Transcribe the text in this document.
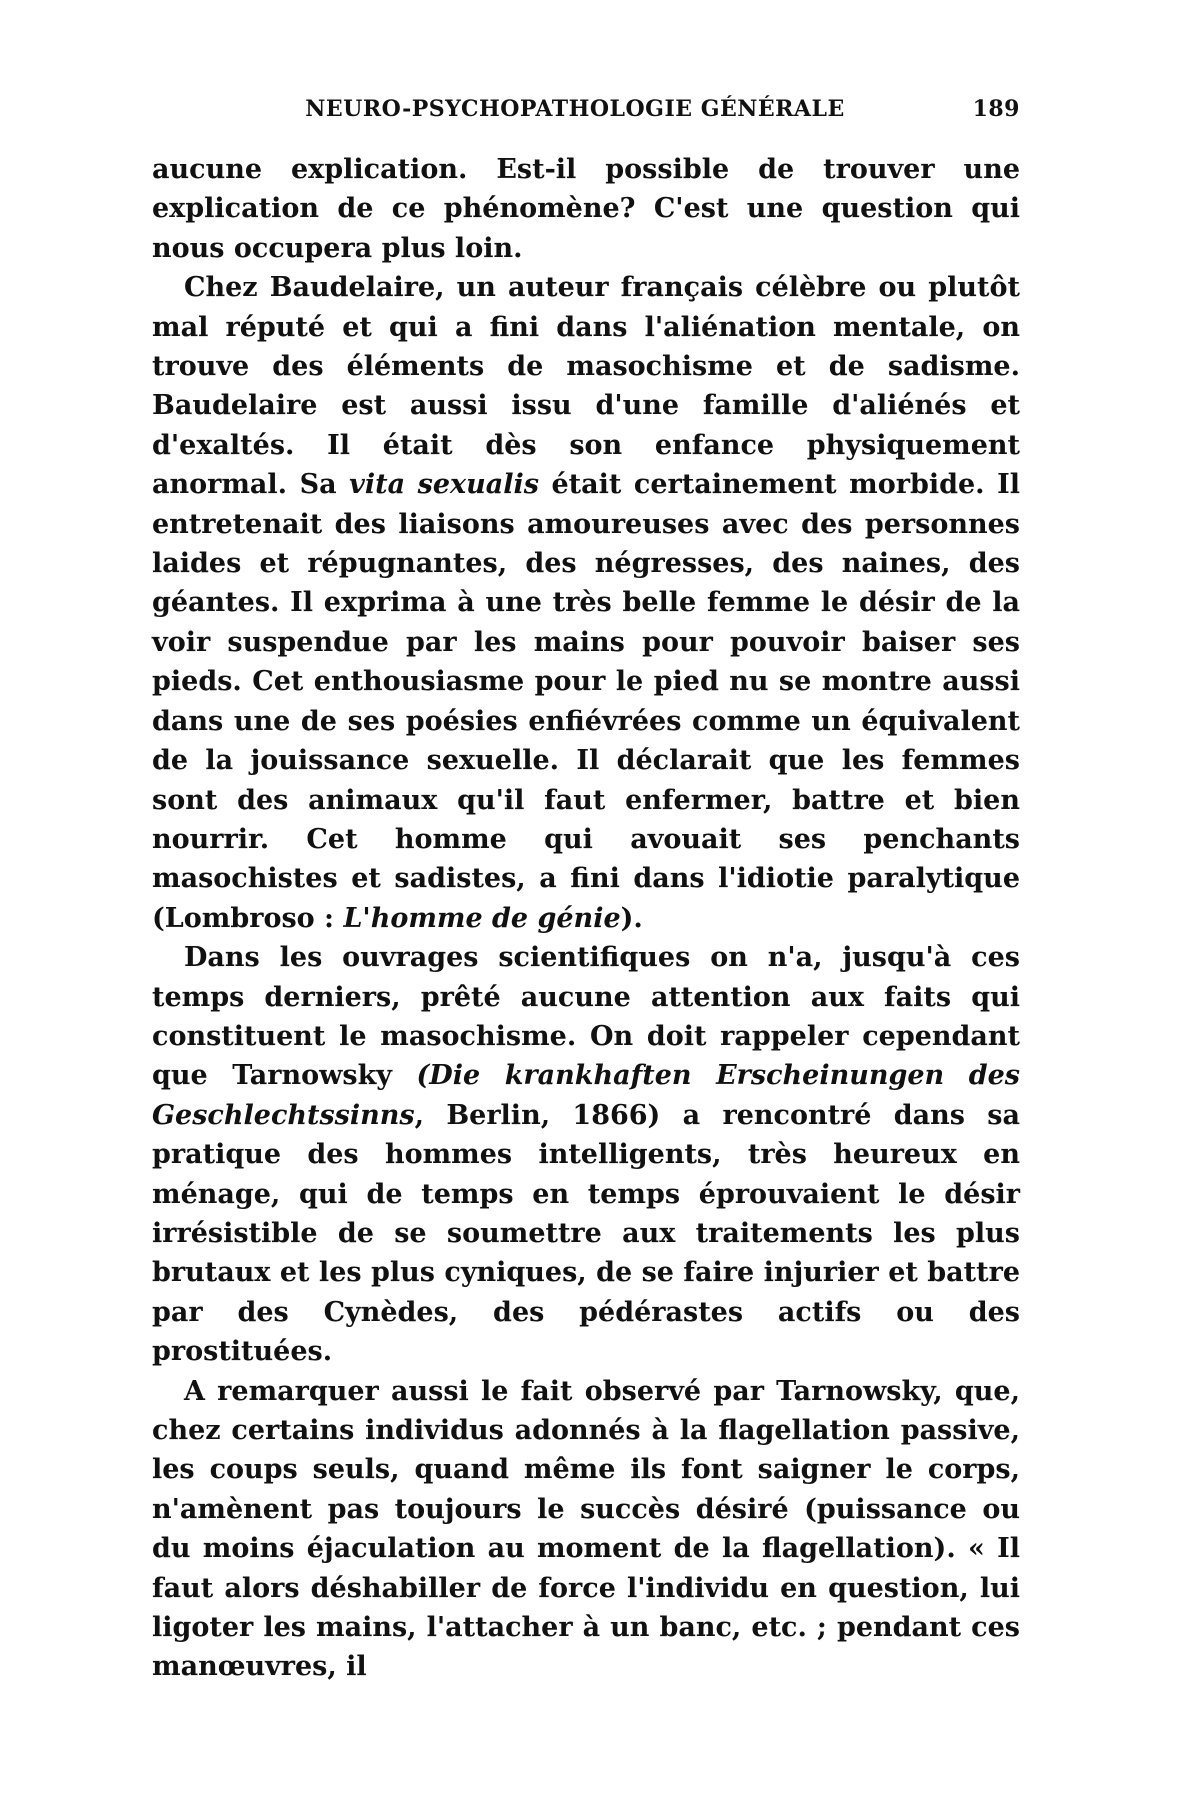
NEURO-PSYCHOPATHOLOGIE GÉNÉRALE	189

aucune explication. Est-il possible de trouver une explication de ce phénomène? C'est une question qui nous occupera plus loin.

Chez Baudelaire, un auteur français célèbre ou plutôt mal réputé et qui a fini dans l'aliénation mentale, on trouve des éléments de masochisme et de sadisme. Baudelaire est aussi issu d'une famille d'aliénés et d'exaltés. Il était dès son enfance physiquement anormal. Sa vita sexualis était certainement morbide. Il entretenait des liaisons amoureuses avec des personnes laides et répugnantes, des négresses, des naines, des géantes. Il exprima à une très belle femme le désir de la voir suspendue par les mains pour pouvoir baiser ses pieds. Cet enthousiasme pour le pied nu se montre aussi dans une de ses poésies enfiévrées comme un équivalent de la jouissance sexuelle. Il déclarait que les femmes sont des animaux qu'il faut enfermer, battre et bien nourrir. Cet homme qui avouait ses penchants masochistes et sadistes, a fini dans l'idiotie paralytique (Lombroso : L'homme de génie).

Dans les ouvrages scientifiques on n'a, jusqu'à ces temps derniers, prêté aucune attention aux faits qui constituent le masochisme. On doit rappeler cependant que Tarnowsky (Die krankhaften Erscheinungen des Geschlechtssinns, Berlin, 1866) a rencontré dans sa pratique des hommes intelligents, très heureux en ménage, qui de temps en temps éprouvaient le désir irrésistible de se soumettre aux traitements les plus brutaux et les plus cyniques, de se faire injurier et battre par des Cynèdes, des pédérastes actifs ou des prostituées.

A remarquer aussi le fait observé par Tarnowsky, que, chez certains individus adonnés à la flagellation passive, les coups seuls, quand même ils font saigner le corps, n'amènent pas toujours le succès désiré (puissance ou du moins éjaculation au moment de la flagellation). « Il faut alors déshabiller de force l'individu en question, lui ligoter les mains, l'attacher à un banc, etc. ; pendant ces manœuvres, il
